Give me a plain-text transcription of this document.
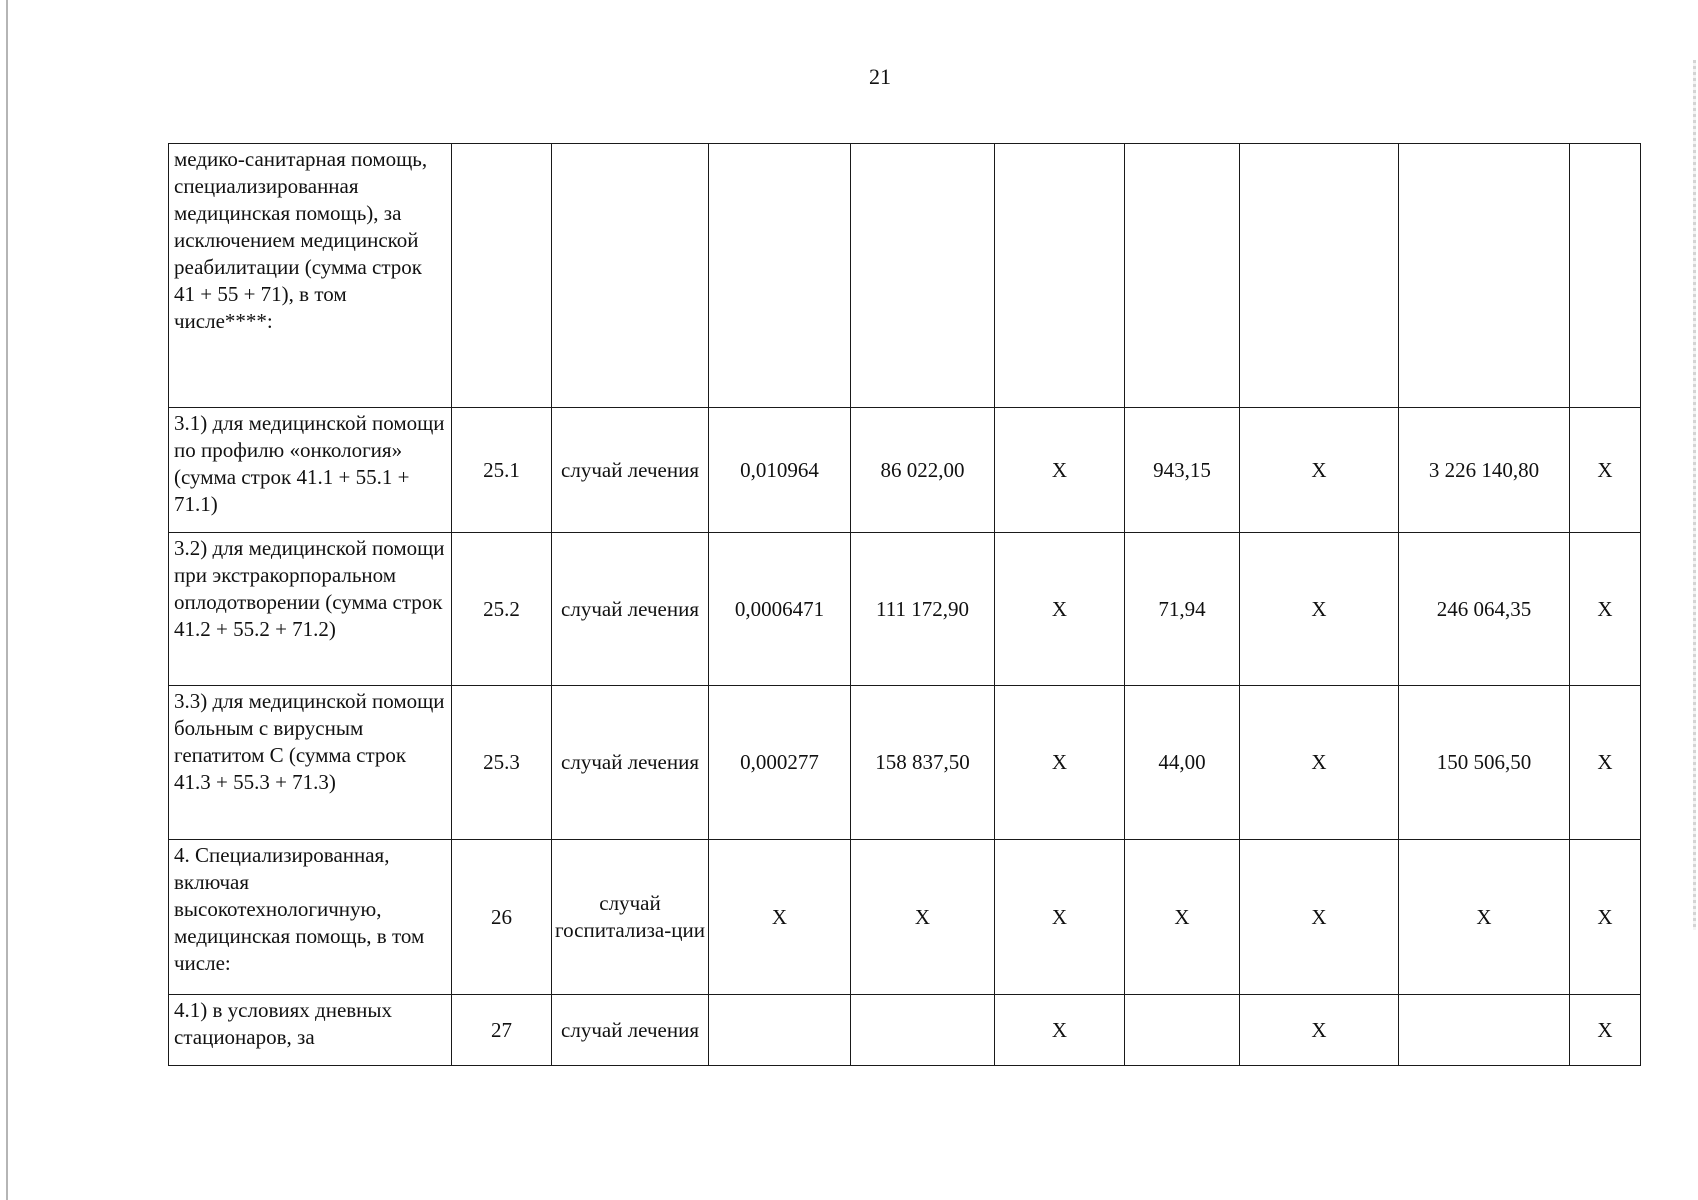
21
медико-санитарная помощь, специализированная медицинская помощь), за исключением медицинской реабилитации (сумма строк 41 + 55 + 71), в том числе****:									
3.1) для медицинской помощи по профилю «онкология» (сумма строк 41.1 + 55.1 + 71.1)	25.1	случай лечения	0,010964	86 022,00	Х	943,15	Х	3 226 140,80	Х
3.2) для медицинской помощи при экстракорпоральном оплодотворении (сумма строк 41.2 + 55.2 + 71.2)	25.2	случай лечения	0,0006471	111 172,90	Х	71,94	Х	246 064,35	Х
3.3) для медицинской помощи больным с вирусным гепатитом С (сумма строк 41.3 + 55.3 + 71.3)	25.3	случай лечения	0,000277	158 837,50	Х	44,00	Х	150 506,50	Х
4. Специализированная, включая высокотехнологичную, медицинская помощь, в том числе:	26	случай госпитализа-ции	Х	Х	Х	Х	Х	Х	Х
4.1) в условиях дневных стационаров, за	27	случай лечения			Х		Х		Х
